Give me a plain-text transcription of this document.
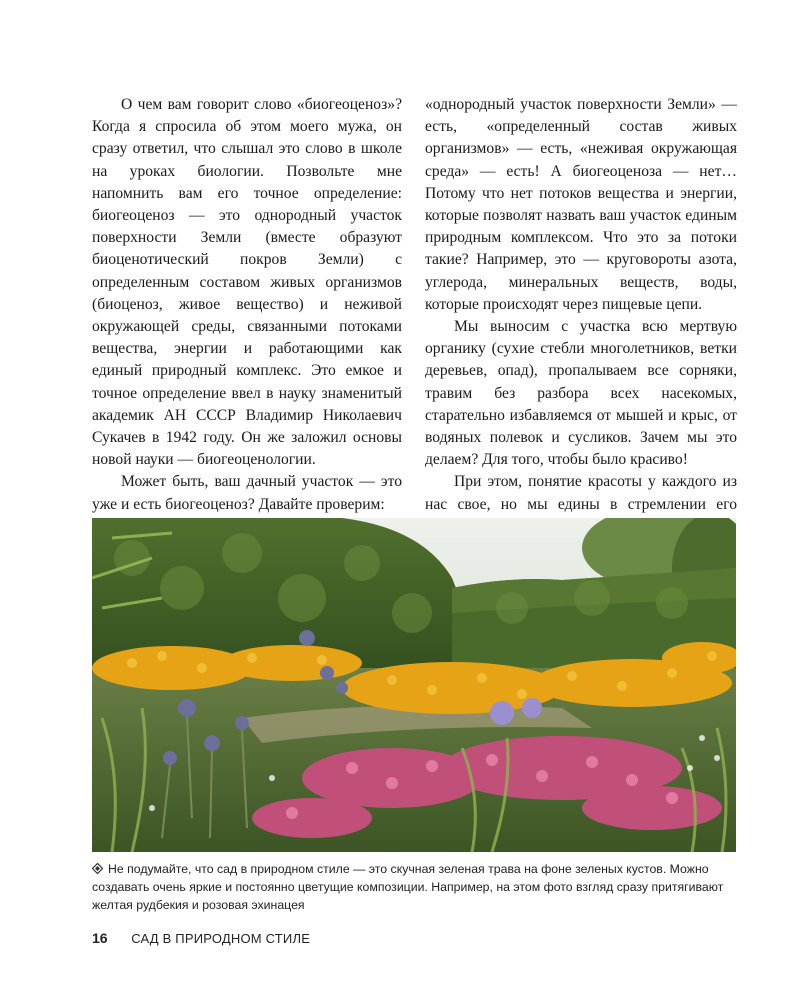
О чем вам говорит слово «биогеоценоз»? Когда я спросила об этом моего мужа, он сразу ответил, что слышал это слово в школе на уроках биологии. Позвольте мне напомнить вам его точное определение: биогеоценоз — это однородный участок поверхности Земли (вместе образуют биоценотический покров Земли) с определенным составом живых организмов (биоценоз, живое вещество) и неживой окружающей среды, связанными потоками вещества, энергии и работающими как единый природный комплекс. Это емкое и точное определение ввел в науку знаменитый академик АН СССР Владимир Николаевич Сукачев в 1942 году. Он же заложил основы новой науки — биогеоценологии.

Может быть, ваш дачный участок — это уже и есть биогеоценоз? Давайте проверим:

«однородный участок поверхности Земли» — есть, «определенный состав живых организмов» — есть, «неживая окружающая среда» — есть! А биогеоценоза — нет… Потому что нет потоков вещества и энергии, которые позволят назвать ваш участок единым природным комплексом. Что это за потоки такие? Например, это — круговороты азота, углерода, минеральных веществ, воды, которые происходят через пищевые цепи.

Мы выносим с участка всю мертвую органику (сухие стебли многолетников, ветки деревьев, опад), пропалываем все сорняки, травим без разбора всех насекомых, старательно избавляемся от мышей и крыс, от водяных полевок и сусликов. Зачем мы это делаем? Для того, чтобы было красиво!

При этом, понятие красоты у каждого из нас свое, но мы едины в стремлении его

Не подумайте, что сад в природном стиле — это скучная зеленая трава на фоне зеленых кустов. Можно создавать очень яркие и постоянно цветущие композиции. Например, на этом фото взгляд сразу притягивают желтая рудбекия и розовая эхинацея
16 САД В ПРИРОДНОМ СТИЛЕ
